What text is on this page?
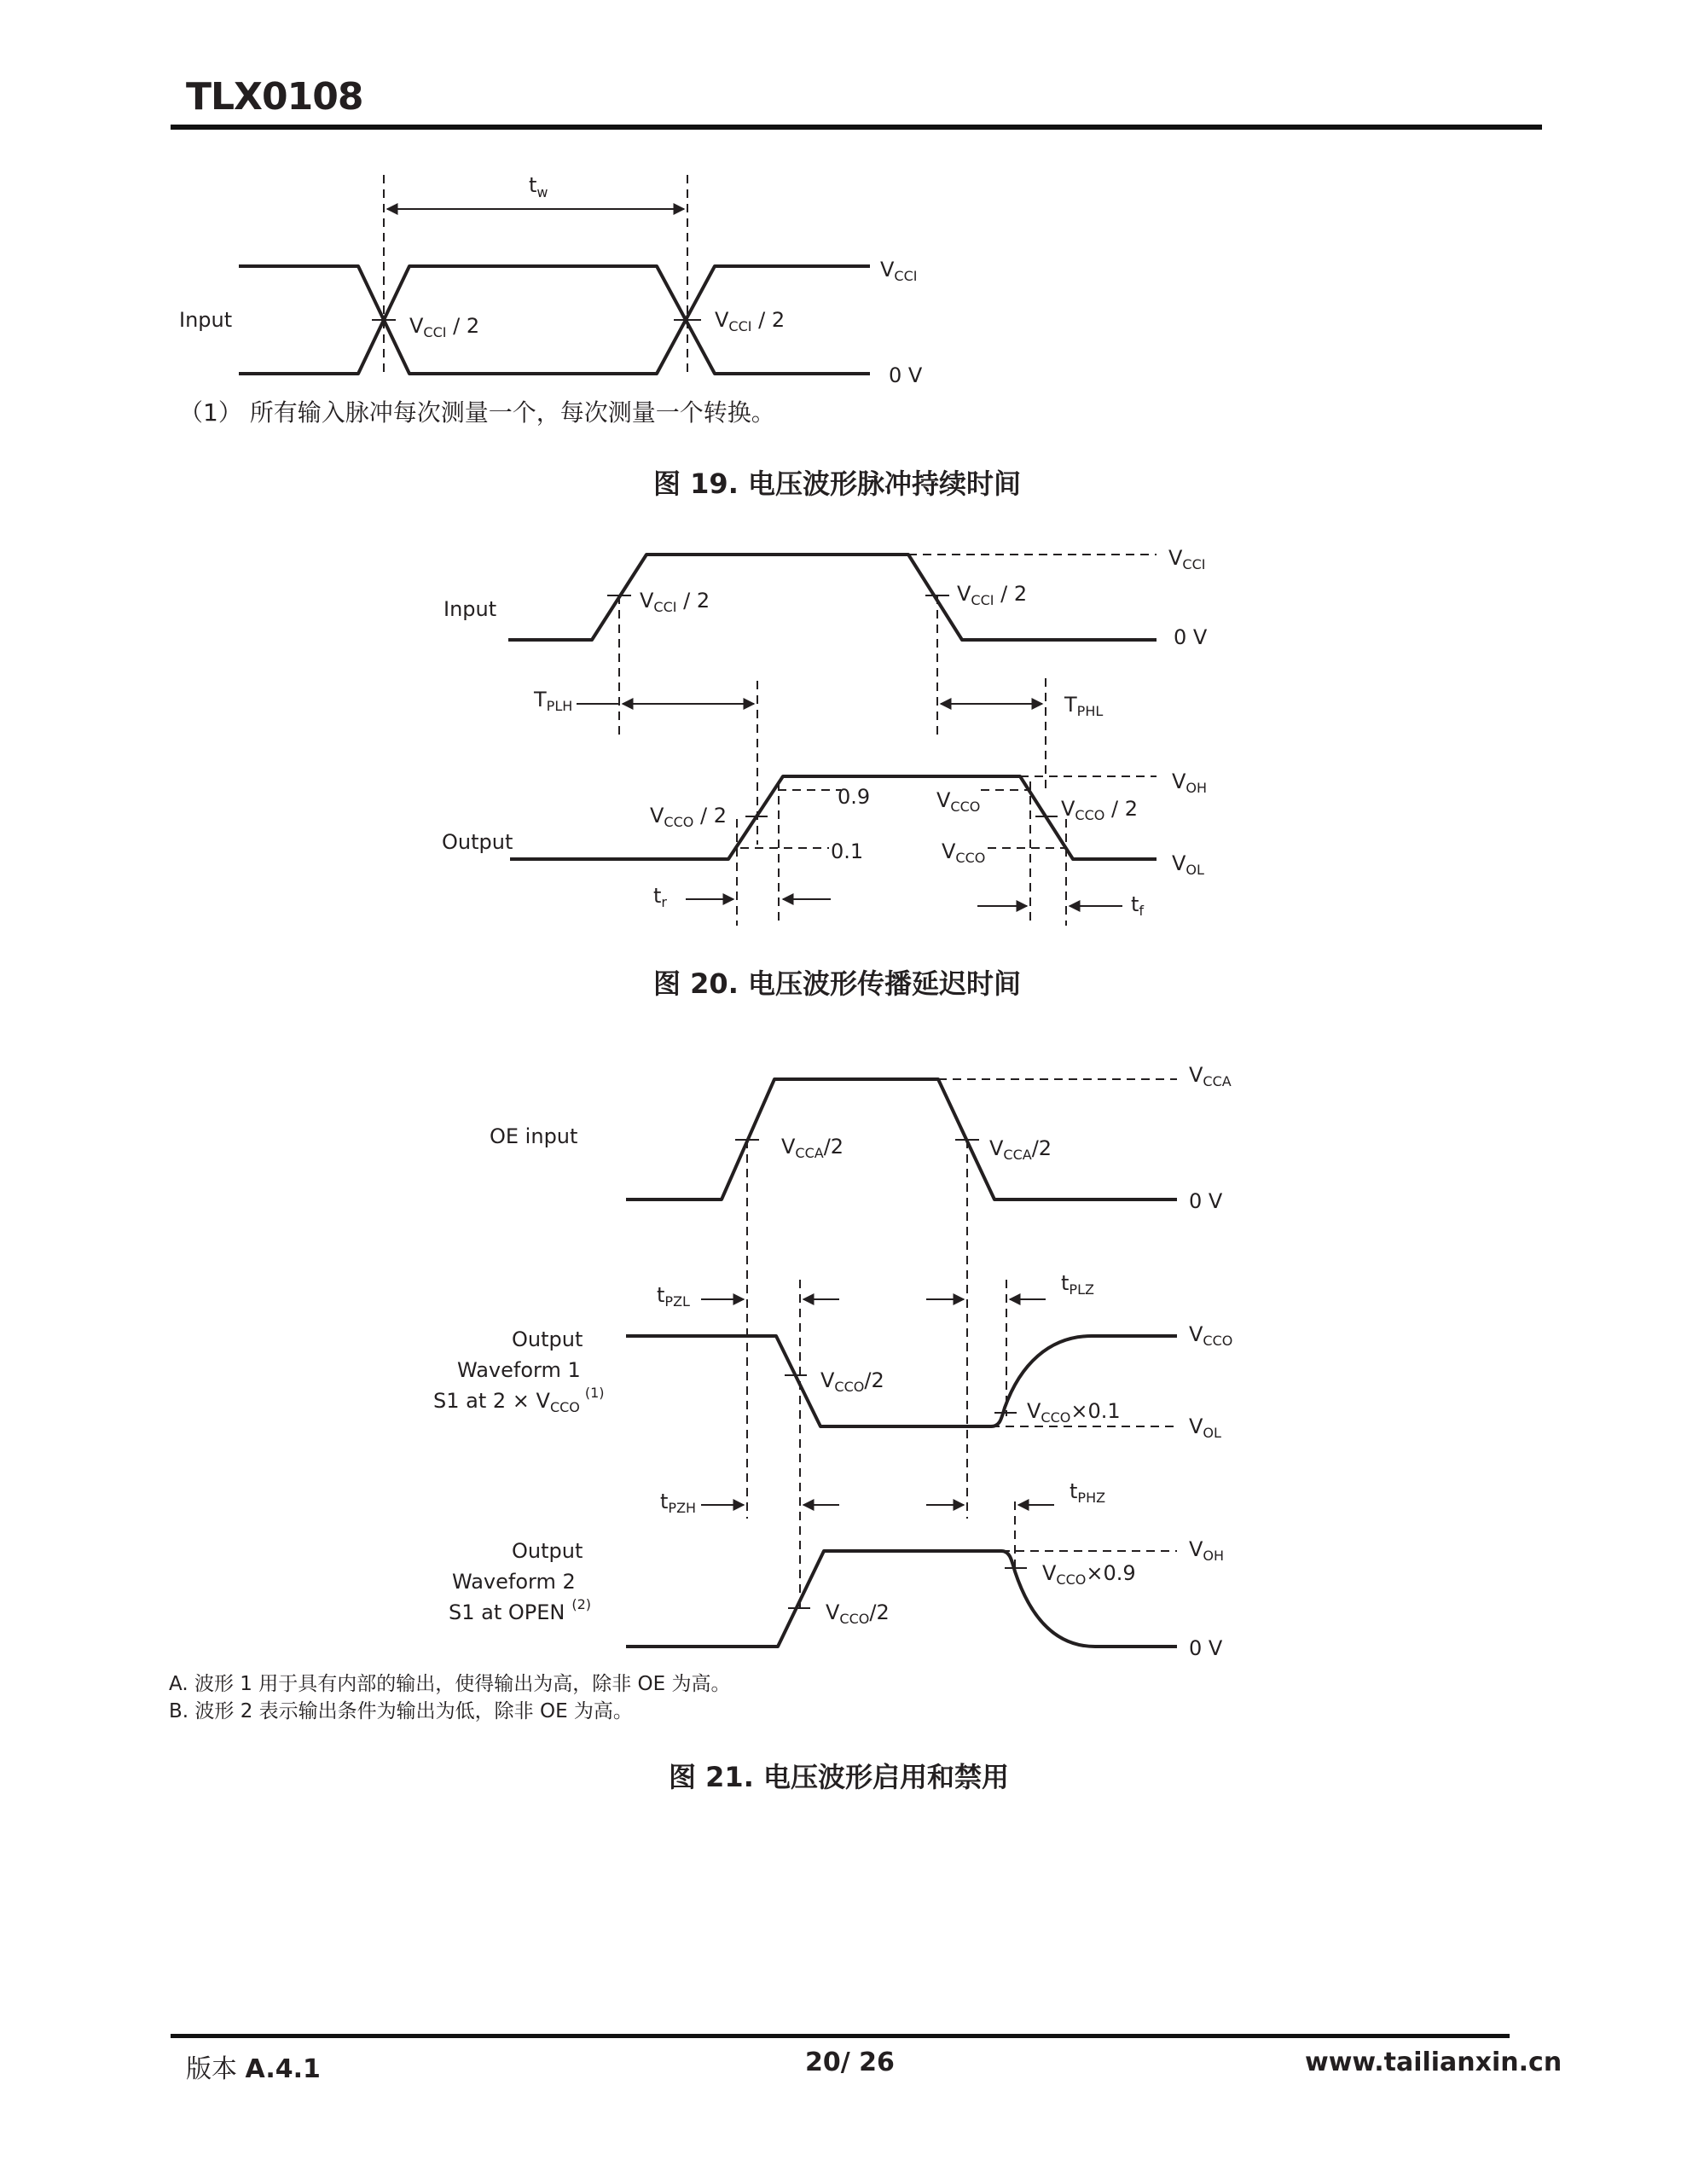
TLX0108
$t_w$
Input	$V_{CCI} / 2$	$V_{CCI} / 2$
$V_{CCI}$
0 V
（1） 所有输入脉冲每次测量一个，每次测量一个转换。
图 19. 电压波形脉冲持续时间
Input
Output
$V_{CCI} / 2$	$V_{CCI} / 2$
$V_{CCI}$
0 V
$T_{PLH}$	$T_{PHL}$
$V_{CCO} / 2$	$V_{CCO} / 2$
0.9
0.1
$V_{CCO}$
$V_{CCO}$
$V_{OH}$
$V_{OL}$
$t_r$	$t_f$
图 20. 电压波形传播延迟时间
OE input	$V_{CCA}/2$	$V_{CCA}/2$
$V_{CCA}$
0 V
$t_{PZL}$
$t_{PLZ}$
Output
Waveform 1
S1 at $2 \times V_{CCO}^{(1)}$
$V_{CCO}/2$
$V_{CCO}\times 0.1$
$V_{CCO}$
$V_{OL}$
$t_{PZH}$
$t_{PHZ}$
Output
Waveform 2
S1 at OPEN $^{(2)}$	$V_{CCO}/2$
$V_{CCO}\times 0.9$
$V_{OH}$
0 V
A. 波形 1 用于具有内部的输出，使得输出为高，除非 OE 为高。
B. 波形 2 表示输出条件为输出为低，除非 OE 为高。
图 21. 电压波形启用和禁用
版本 A.4.1	20/ 26	www.tailianxin.cn
